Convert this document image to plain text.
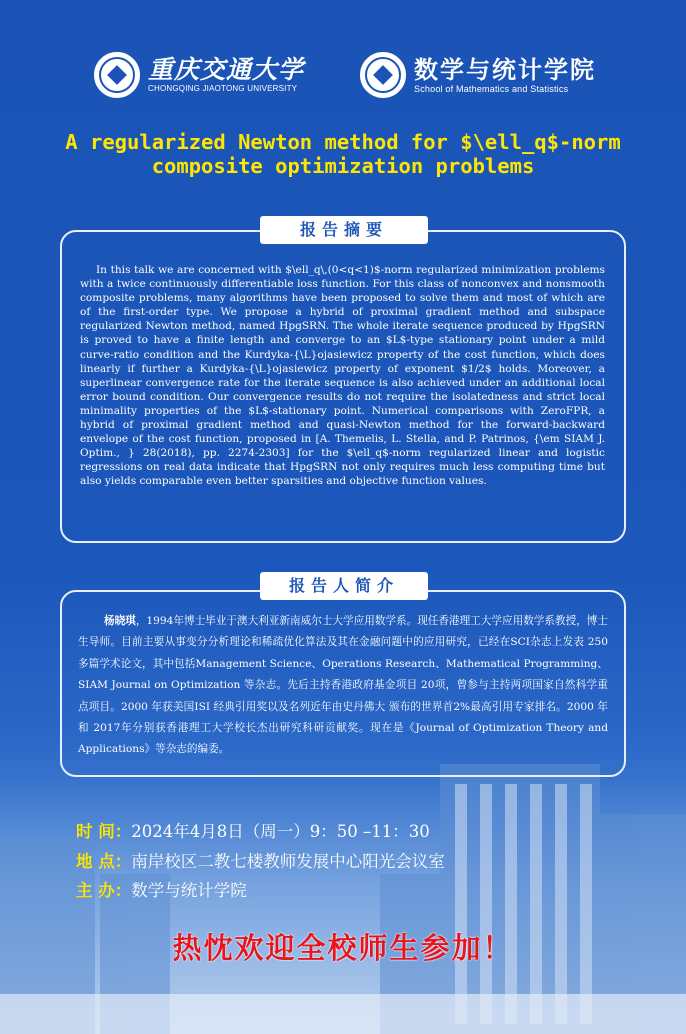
重庆交通大学
CHONGQING JIAOTONG UNIVERSITY
数学与统计学院
School of Mathematics and Statistics
A regularized Newton method for $\ell_q$-norm
composite optimization problems
报告摘要
In this talk we are concerned with $\ell_q\,(0<q<1)$-norm regularized minimization problems with a twice continuously differentiable loss function. For this class of nonconvex and nonsmooth composite problems, many algorithms have been proposed to solve them and most of which are of the first-order type. We propose a hybrid of proximal gradient method and subspace regularized Newton method, named HpgSRN. The whole iterate sequence produced by HpgSRN is proved to have a finite length and converge to an $L$-type stationary point under a mild curve-ratio condition and the Kurdyka-{\L}ojasiewicz property of the cost function, which does linearly if further a Kurdyka-{\L}ojasiewicz property of exponent $1/2$ holds. Moreover, a superlinear convergence rate for the iterate sequence is also achieved under an additional local error bound condition. Our convergence results do not require the isolatedness and strict local minimality properties of the $L$-stationary point. Numerical comparisons with ZeroFPR, a hybrid of proximal gradient method and quasi-Newton method for the forward-backward envelope of the cost function, proposed in [A. Themelis, L. Stella, and P. Patrinos, {\em SIAM J. Optim., } 28(2018), pp. 2274-2303] for the $\ell_q$-norm regularized linear and logistic regressions on real data indicate that HpgSRN not only requires much less computing time but also yields comparable even better sparsities and objective function values.
报告人简介
杨晓琪，1994年博士毕业于澳大利亚新南威尔士大学应用数学系。现任香港理工大学应用数学系教授，博士生导师。目前主要从事变分分析理论和稀疏优化算法及其在金融问题中的应用研究，已经在SCI杂志上发表 250 多篇学术论文，其中包括Management Science、Operations Research、Mathematical Programming、SIAM Journal on Optimization 等杂志。先后主持香港政府基金项目 20项，曾参与主持两项国家自然科学重点项目。2000 年获美国ISI 经典引用奖以及名列近年由史丹佛大 颁布的世界首2%最高引用专家排名。2000 年和 2017年分别获香港理工大学校长杰出研究科研贡献奖。现在是《Journal of Optimization Theory and Applications》等杂志的编委。
时 间：2024年4月8日（周一）9：50 –11：30
地 点：南岸校区二教七楼教师发展中心阳光会议室
主 办：数学与统计学院
热忱欢迎全校师生参加！
